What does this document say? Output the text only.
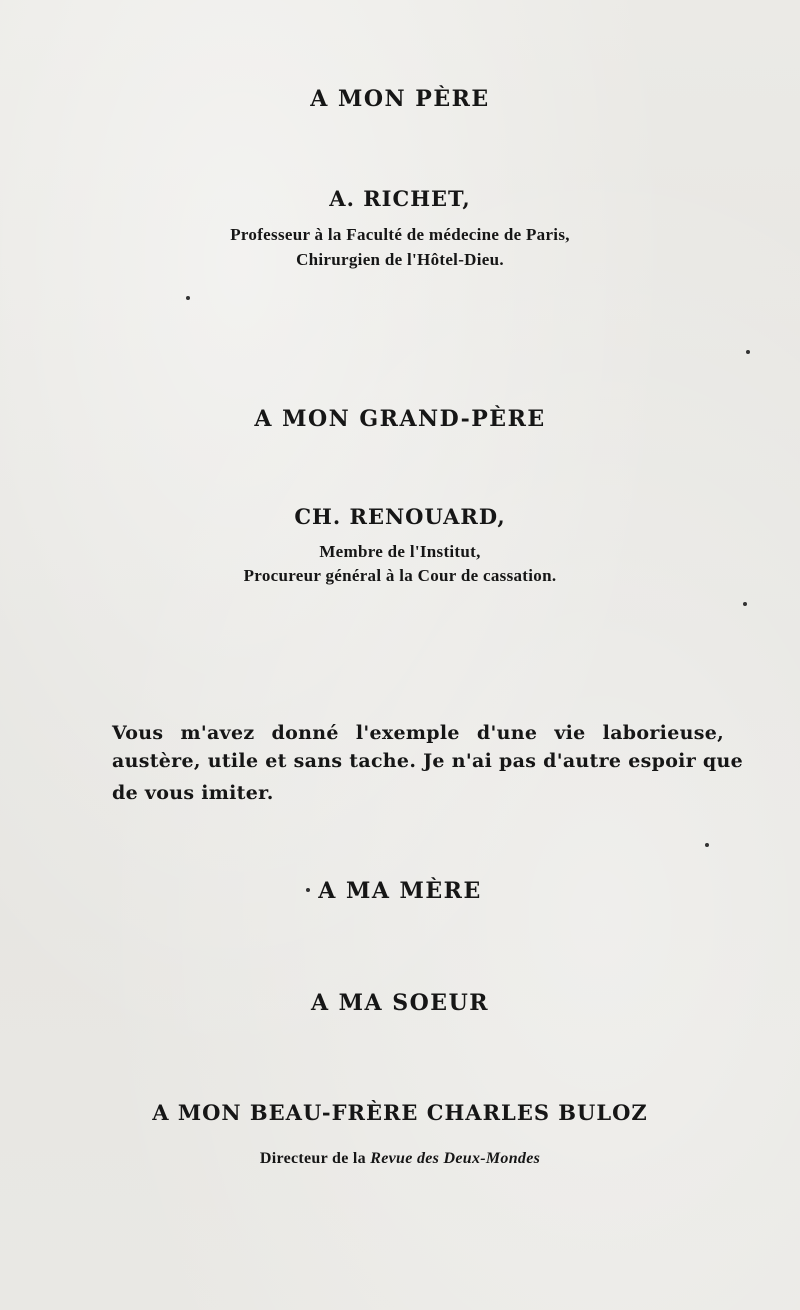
A MON PÈRE
A. RICHET,
Professeur à la Faculté de médecine de Paris,
Chirurgien de l'Hôtel-Dieu.
A MON GRAND-PÈRE
CH. RENOUARD,
Membre de l'Institut,
Procureur général à la Cour de cassation.
Vous m'avez donné l'exemple d'une vie laborieuse,
austère, utile et sans tache. Je n'ai pas d'autre espoir que
de vous imiter.
A MA MÈRE
A MA SOEUR
A MON BEAU-FRÈRE CHARLES BULOZ
Directeur de la Revue des Deux-Mondes
